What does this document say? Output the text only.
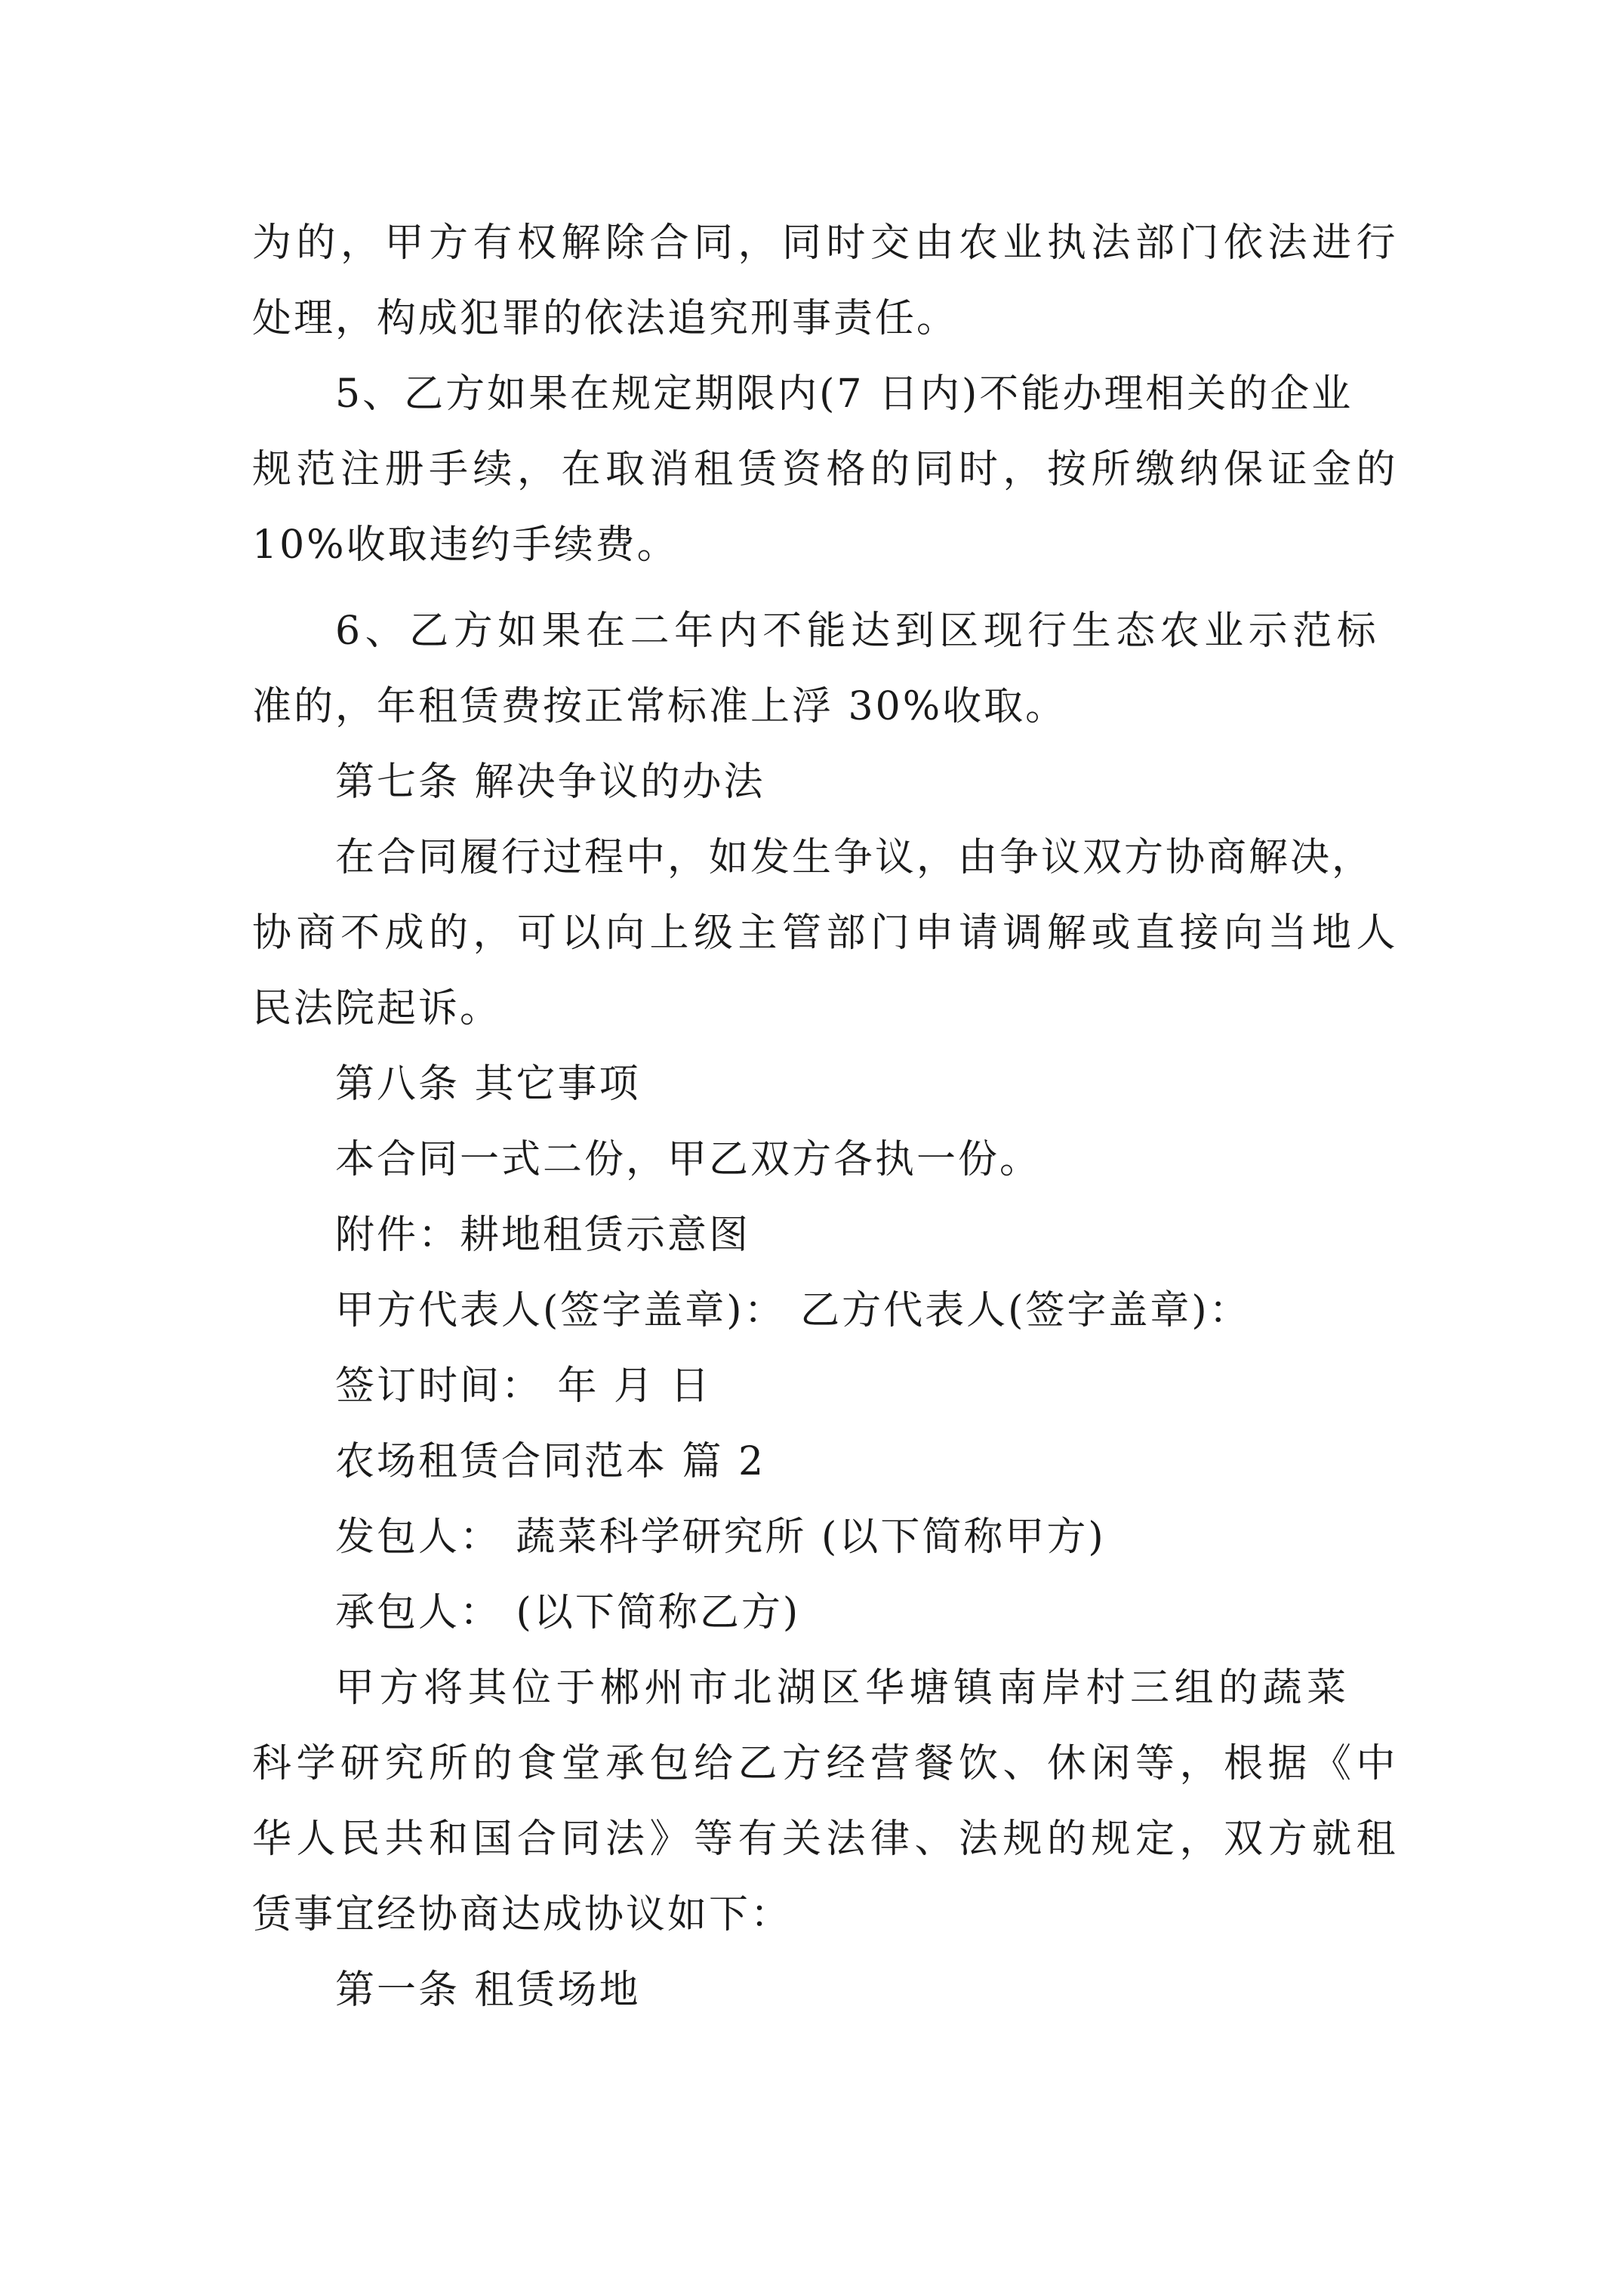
为的，甲方有权解除合同，同时交由农业执法部门依法进行
处理，构成犯罪的依法追究刑事责任。
5、乙方如果在规定期限内(7 日内)不能办理相关的企业
规范注册手续，在取消租赁资格的同时，按所缴纳保证金的
10%收取违约手续费。
6、乙方如果在二年内不能达到区现行生态农业示范标
准的，年租赁费按正常标准上浮 30%收取。
第七条 解决争议的办法
在合同履行过程中，如发生争议，由争议双方协商解决，
协商不成的，可以向上级主管部门申请调解或直接向当地人
民法院起诉。
第八条 其它事项
本合同一式二份，甲乙双方各执一份。
附件：耕地租赁示意图
甲方代表人(签字盖章)： 乙方代表人(签字盖章)：
签订时间： 年 月 日
农场租赁合同范本 篇 2
发包人： 蔬菜科学研究所 (以下简称甲方)
承包人： (以下简称乙方)
甲方将其位于郴州市北湖区华塘镇南岸村三组的蔬菜
科学研究所的食堂承包给乙方经营餐饮、休闲等，根据《中
华人民共和国合同法》等有关法律、法规的规定，双方就租
赁事宜经协商达成协议如下：
第一条 租赁场地
